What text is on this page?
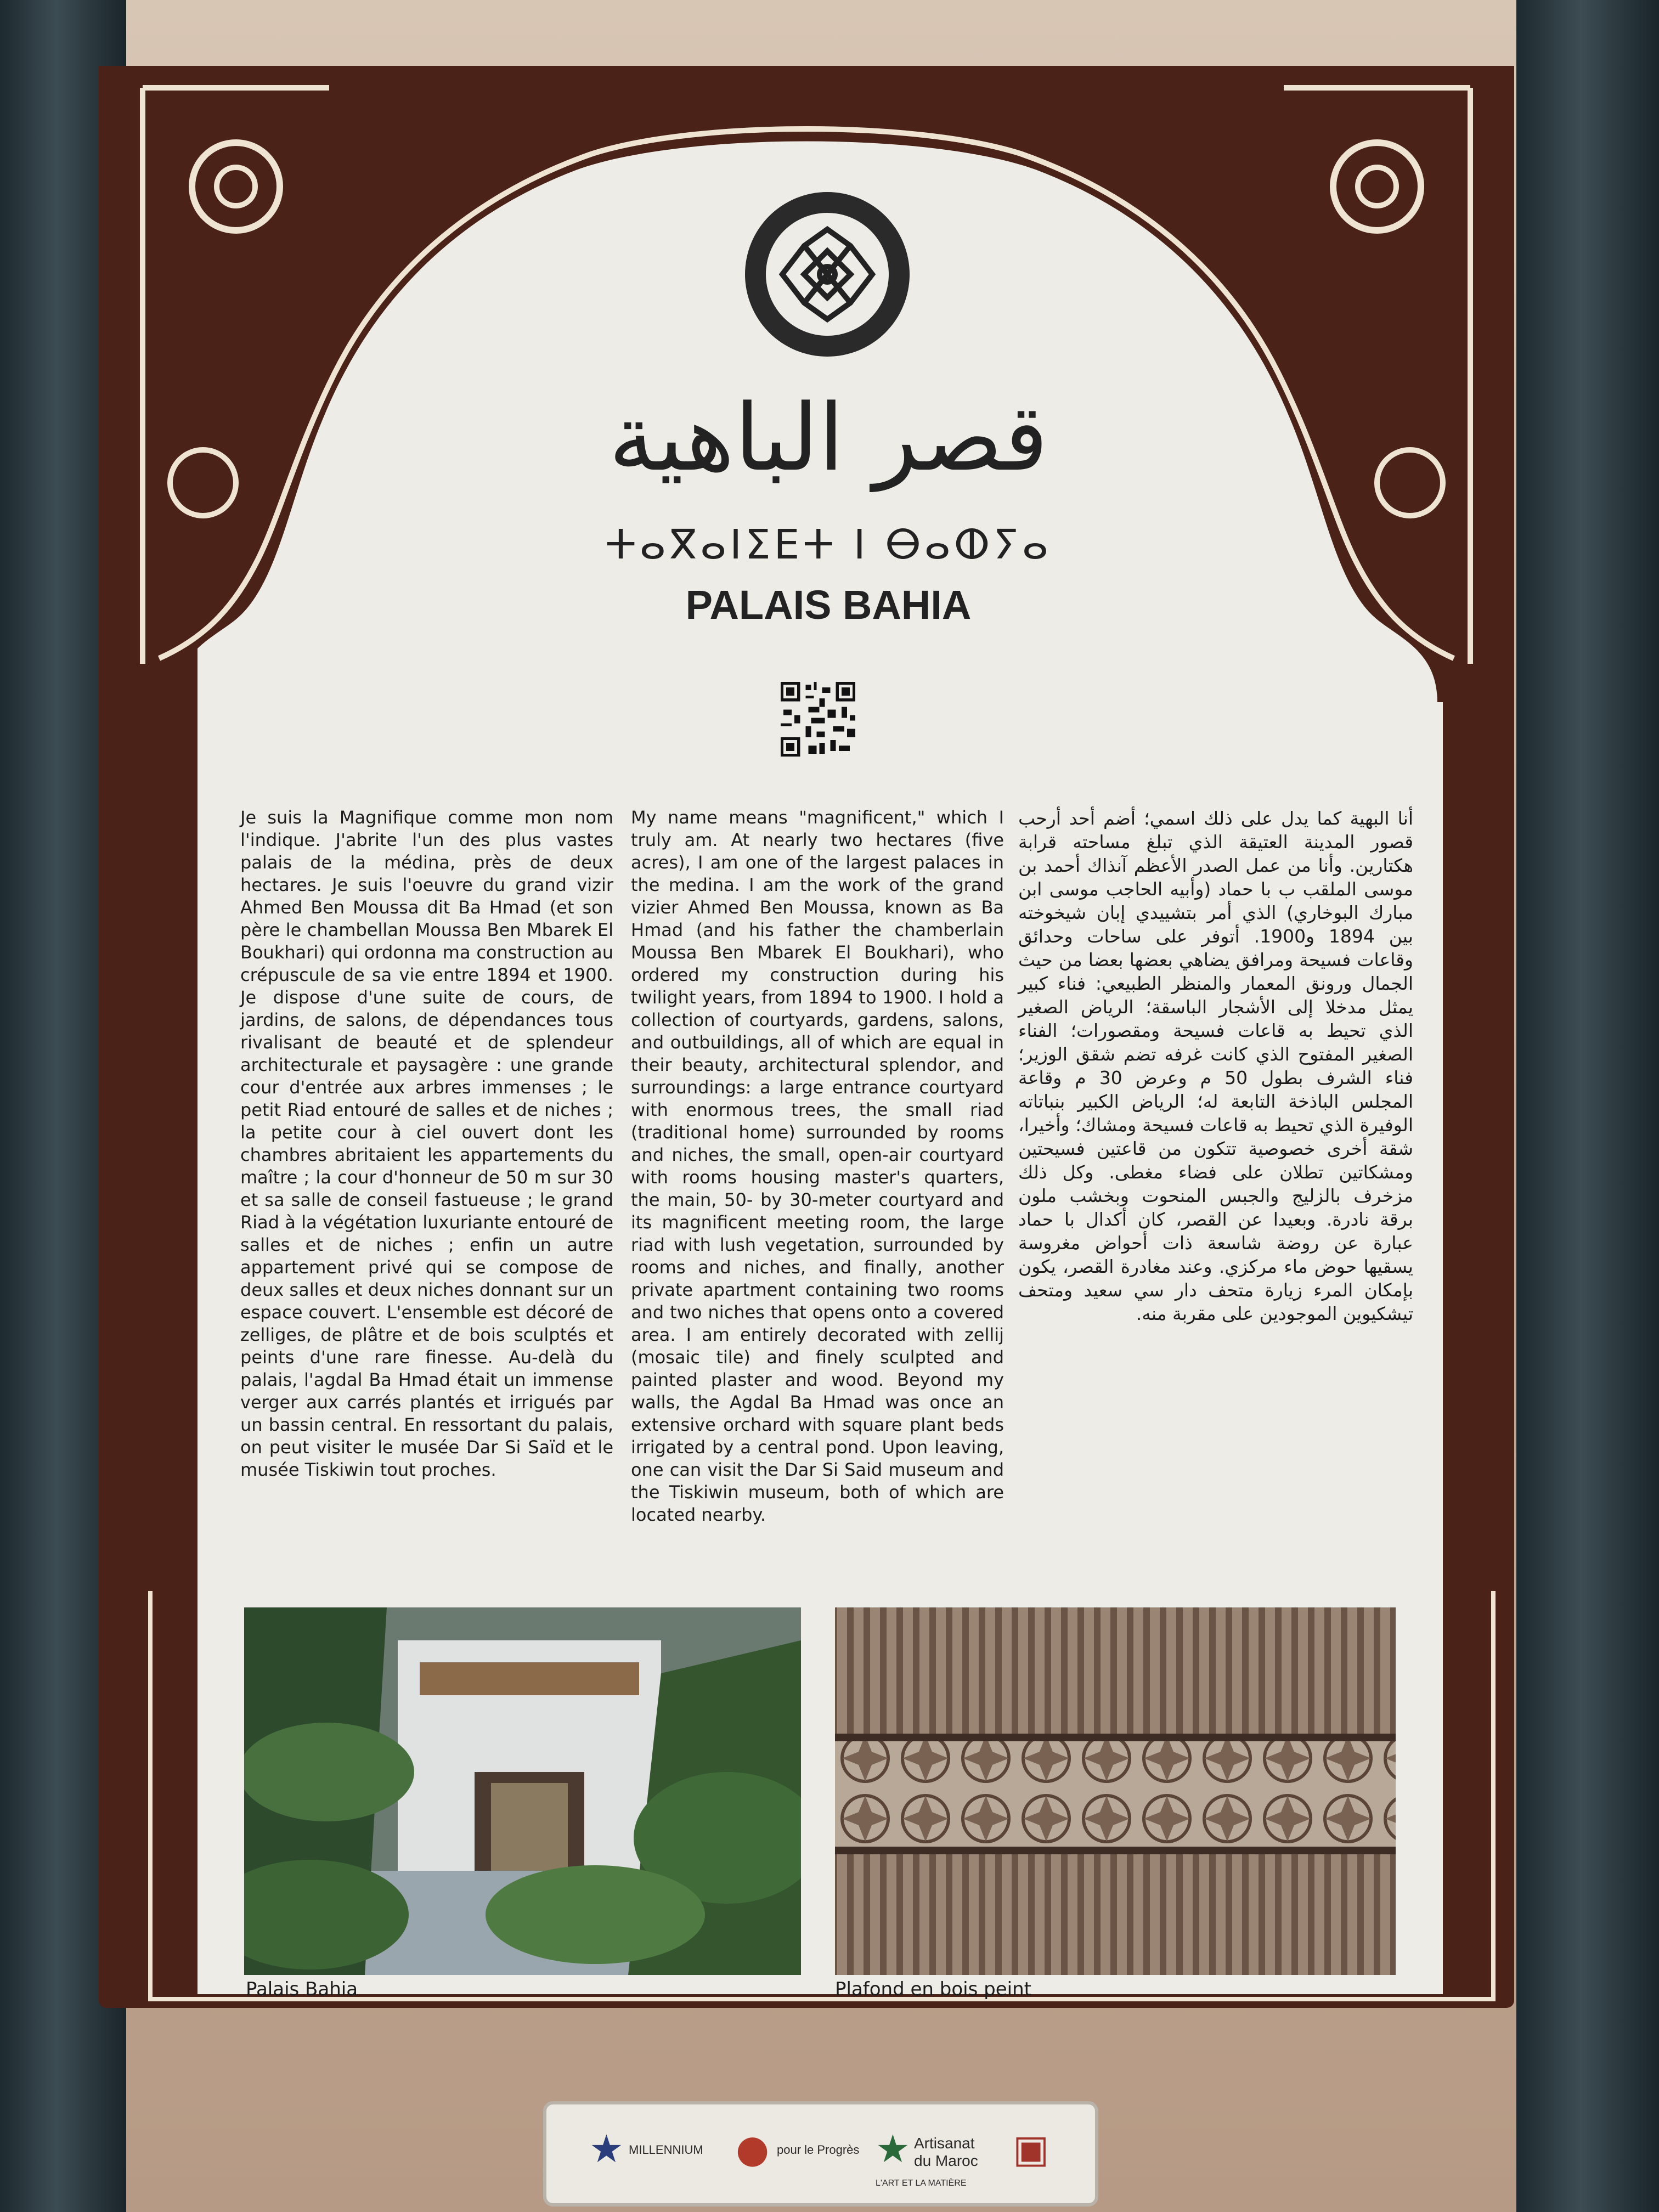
قصر الباهية
ⵜⴰⴳⴰⵏⵉⴹⵜ ⵏ ⴱⴰⵀⵢⴰ
PALAIS BAHIA
Je suis la Magnifique comme mon nom l'indique. J'abrite l'un des plus vastes palais de la médina, près de deux hectares. Je suis l'oeuvre du grand vizir Ahmed Ben Moussa dit Ba Hmad (et son père le chambellan Moussa Ben Mbarek El Boukhari) qui ordonna ma construction au crépuscule de sa vie entre 1894 et 1900. Je dispose d'une suite de cours, de jardins, de salons, de dépendances tous rivalisant de beauté et de splendeur architecturale et paysagère : une grande cour d'entrée aux arbres immenses ; le petit Riad entouré de salles et de niches ; la petite cour à ciel ouvert dont les chambres abritaient les appartements du maître ; la cour d'honneur de 50 m sur 30 et sa salle de conseil fastueuse ; le grand Riad à la végétation luxuriante entouré de salles et de niches ; enfin un autre appartement privé qui se compose de deux salles et deux niches donnant sur un espace couvert. L'ensemble est décoré de zelliges, de plâtre et de bois sculptés et peints d'une rare finesse. Au-delà du palais, l'agdal Ba Hmad était un immense verger aux carrés plantés et irrigués par un bassin central. En ressortant du palais, on peut visiter le musée Dar Si Saïd et le musée Tiskiwin tout proches.
My name means "magnificent," which I truly am. At nearly two hectares (five acres), I am one of the largest palaces in the medina. I am the work of the grand vizier Ahmed Ben Moussa, known as Ba Hmad (and his father the chamberlain Moussa Ben Mbarek El Boukhari), who ordered my construction during his twilight years, from 1894 to 1900. I hold a collection of courtyards, gardens, salons, and outbuildings, all of which are equal in their beauty, architectural splendor, and surroundings: a large entrance courtyard with enormous trees, the small riad (traditional home) surrounded by rooms and niches, the small, open-air courtyard with rooms housing master's quarters, the main, 50- by 30-meter courtyard and its magnificent meeting room, the large riad with lush vegetation, surrounded by rooms and niches, and finally, another private apartment containing two rooms and two niches that opens onto a covered area. I am entirely decorated with zellij (mosaic tile) and finely sculpted and painted plaster and wood. Beyond my walls, the Agdal Ba Hmad was once an extensive orchard with square plant beds irrigated by a central pond. Upon leaving, one can visit the Dar Si Said museum and the Tiskiwin museum, both of which are located nearby.
أنا البهية كما يدل على ذلك اسمي؛ أضم أحد أرحب قصور المدينة العتيقة الذي تبلغ مساحته قرابة هكتارين. وأنا من عمل الصدر الأعظم آنذاك أحمد بن موسى الملقب ب با حماد (وأبيه الحاجب موسى ابن مبارك البوخاري) الذي أمر بتشييدي إبان شيخوخته بين 1894 و1900. أتوفر على ساحات وحدائق وقاعات فسيحة ومرافق يضاهي بعضها بعضا من حيث الجمال ورونق المعمار والمنظر الطبيعي: فناء كبير يمثل مدخلا إلى الأشجار الباسقة؛ الرياض الصغير الذي تحيط به قاعات فسيحة ومقصورات؛ الفناء الصغير المفتوح الذي كانت غرفه تضم شقق الوزير؛ فناء الشرف بطول 50 م وعرض 30 م وقاعة المجلس الباذخة التابعة له؛ الرياض الكبير بنباتاته الوفيرة الذي تحيط به قاعات فسيحة ومشاك؛ وأخيرا، شقة أخرى خصوصية تتكون من قاعتين فسيحتين ومشكاتين تطلان على فضاء مغطى. وكل ذلك مزخرف بالزليج والجبس المنحوت وبخشب ملون برقة نادرة. وبعيدا عن القصر، كان أكدال با حماد عبارة عن روضة شاسعة ذات أحواض مغروسة يسقيها حوض ماء مركزي. وعند مغادرة القصر، يكون بإمكان المرء زيارة متحف دار سي سعيد ومتحف تيشكيوين الموجودين على مقربة منه.
Palais Bahia	Plafond en bois peint
★ MILLENNIUM ● pour le Progrès ★ Artisanat du Maroc
L'ART ET LA MATIÈRE
▣
